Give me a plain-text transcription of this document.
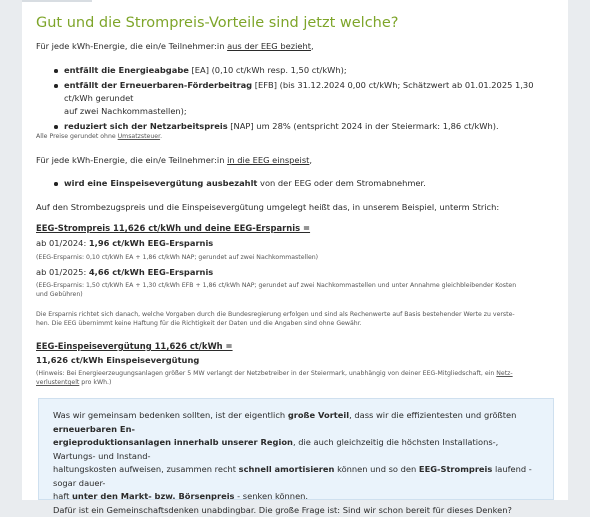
Gut und die Strompreis-Vorteile sind jetzt welche?
Für jede kWh-Energie, die ein/e Teilnehmer:in aus der EEG bezieht,
entfällt die Energieabgabe [EA] (0,10 ct/kWh resp. 1,50 ct/kWh);
entfällt der Erneuerbaren-Förderbeitrag [EFB] (bis 31.12.2024 0,00 ct/kWh; Schätzwert ab 01.01.2025 1,30 ct/kWh gerundet
auf zwei Nachkommastellen);
reduziert sich der Netzarbeitspreis [NAP] um 28% (entspricht 2024 in der Steiermark: 1,86 ct/kWh).
Alle Preise gerundet ohne Umsatzsteuer.
Für jede kWh-Energie, die ein/e Teilnehmer:in in die EEG einspeist,
wird eine Einspeisevergütung ausbezahlt von der EEG oder dem Stromabnehmer.
Auf den Strombezugspreis und die Einspeisevergütung umgelegt heißt das, in unserem Beispiel, unterm Strich:
EEG-Strompreis 11,626 ct/kWh und deine EEG-Ersparnis =
ab 01/2024: 1,96 ct/kWh EEG-Ersparnis
(EEG-Ersparnis: 0,10 ct/kWh EA + 1,86 ct/kWh NAP; gerundet auf zwei Nachkommastellen)
ab 01/2025: 4,66 ct/kWh EEG-Ersparnis
(EEG-Ersparnis: 1,50 ct/kWh EA + 1,30 ct/kWh EFB + 1,86 ct/kWh NAP; gerundet auf zwei Nachkommastellen und unter Annahme gleichbleibender Kosten
und Gebühren)
Die Ersparnis richtet sich danach, welche Vorgaben durch die Bundesregierung erfolgen und sind als Rechenwerte auf Basis bestehender Werte zu verste-
hen. Die EEG übernimmt keine Haftung für die Richtigkeit der Daten und die Angaben sind ohne Gewähr.
EEG-Einspeisevergütung 11,626 ct/kWh =
11,626 ct/kWh Einspeisevergütung
(Hinweis: Bei Energieerzeugungsanlagen größer 5 MW verlangt der Netzbetreiber in der Steiermark, unabhängig von deiner EEG-Mitgliedschaft, ein Netz-
verlustentgelt pro kWh.)
Was wir gemeinsam bedenken sollten, ist der eigentlich große Vorteil, dass wir die effizientesten und größten erneuerbaren En-
ergieproduktionsanlagen innerhalb unserer Region, die auch gleichzeitig die höchsten Installations-, Wartungs- und Instand-
haltungskosten aufweisen, zusammen recht schnell amortisieren können und so den EEG-Strompreis laufend - sogar dauer-
haft unter den Markt- bzw. Börsenpreis - senken können.
Dafür ist ein Gemeinschaftsdenken unabdingbar. Die große Frage ist: Sind wir schon bereit für dieses Denken?
